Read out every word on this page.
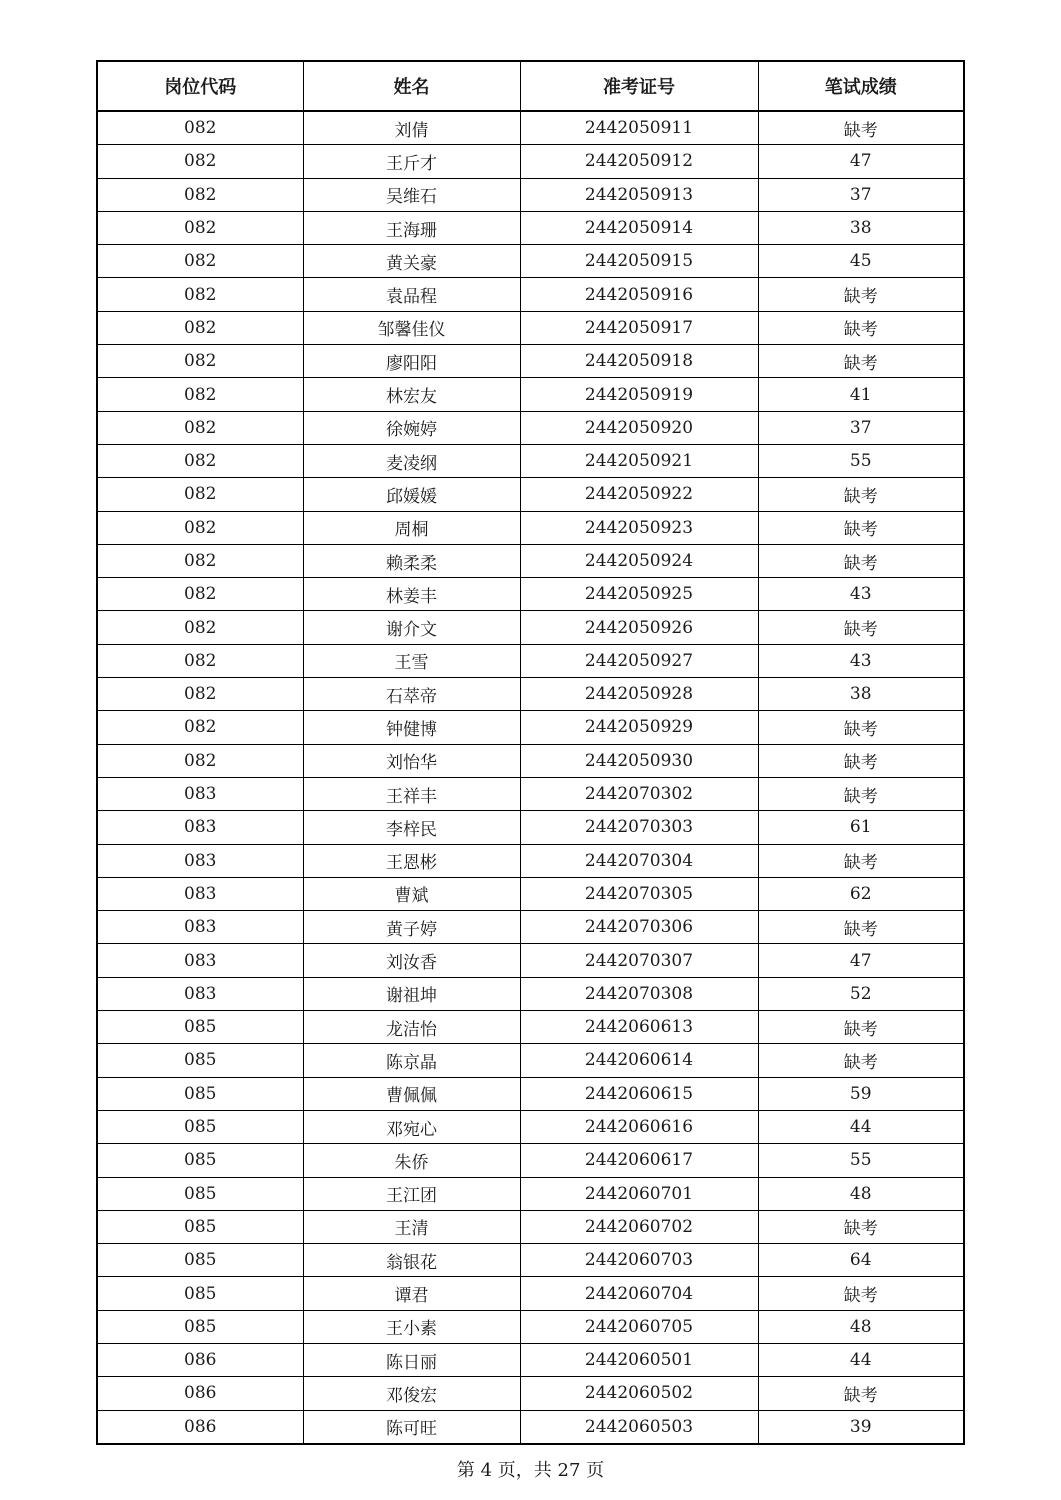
岗位代码	姓名	准考证号	笔试成绩
082	刘倩	2442050911	缺考
082	王斤才	2442050912	47
082	吴维石	2442050913	37
082	王海珊	2442050914	38
082	黄关豪	2442050915	45
082	袁品程	2442050916	缺考
082	邹馨佳仪	2442050917	缺考
082	廖阳阳	2442050918	缺考
082	林宏友	2442050919	41
082	徐婉婷	2442050920	37
082	麦凌纲	2442050921	55
082	邱媛媛	2442050922	缺考
082	周桐	2442050923	缺考
082	赖柔柔	2442050924	缺考
082	林姜丰	2442050925	43
082	谢介文	2442050926	缺考
082	王雪	2442050927	43
082	石萃帝	2442050928	38
082	钟健博	2442050929	缺考
082	刘怡华	2442050930	缺考
083	王祥丰	2442070302	缺考
083	李梓民	2442070303	61
083	王恩彬	2442070304	缺考
083	曹斌	2442070305	62
083	黄子婷	2442070306	缺考
083	刘汝香	2442070307	47
083	谢祖坤	2442070308	52
085	龙洁怡	2442060613	缺考
085	陈京晶	2442060614	缺考
085	曹佩佩	2442060615	59
085	邓宛心	2442060616	44
085	朱侨	2442060617	55
085	王江团	2442060701	48
085	王清	2442060702	缺考
085	翁银花	2442060703	64
085	谭君	2442060704	缺考
085	王小素	2442060705	48
086	陈日丽	2442060501	44
086	邓俊宏	2442060502	缺考
086	陈可旺	2442060503	39
第 4 页，共 27 页
